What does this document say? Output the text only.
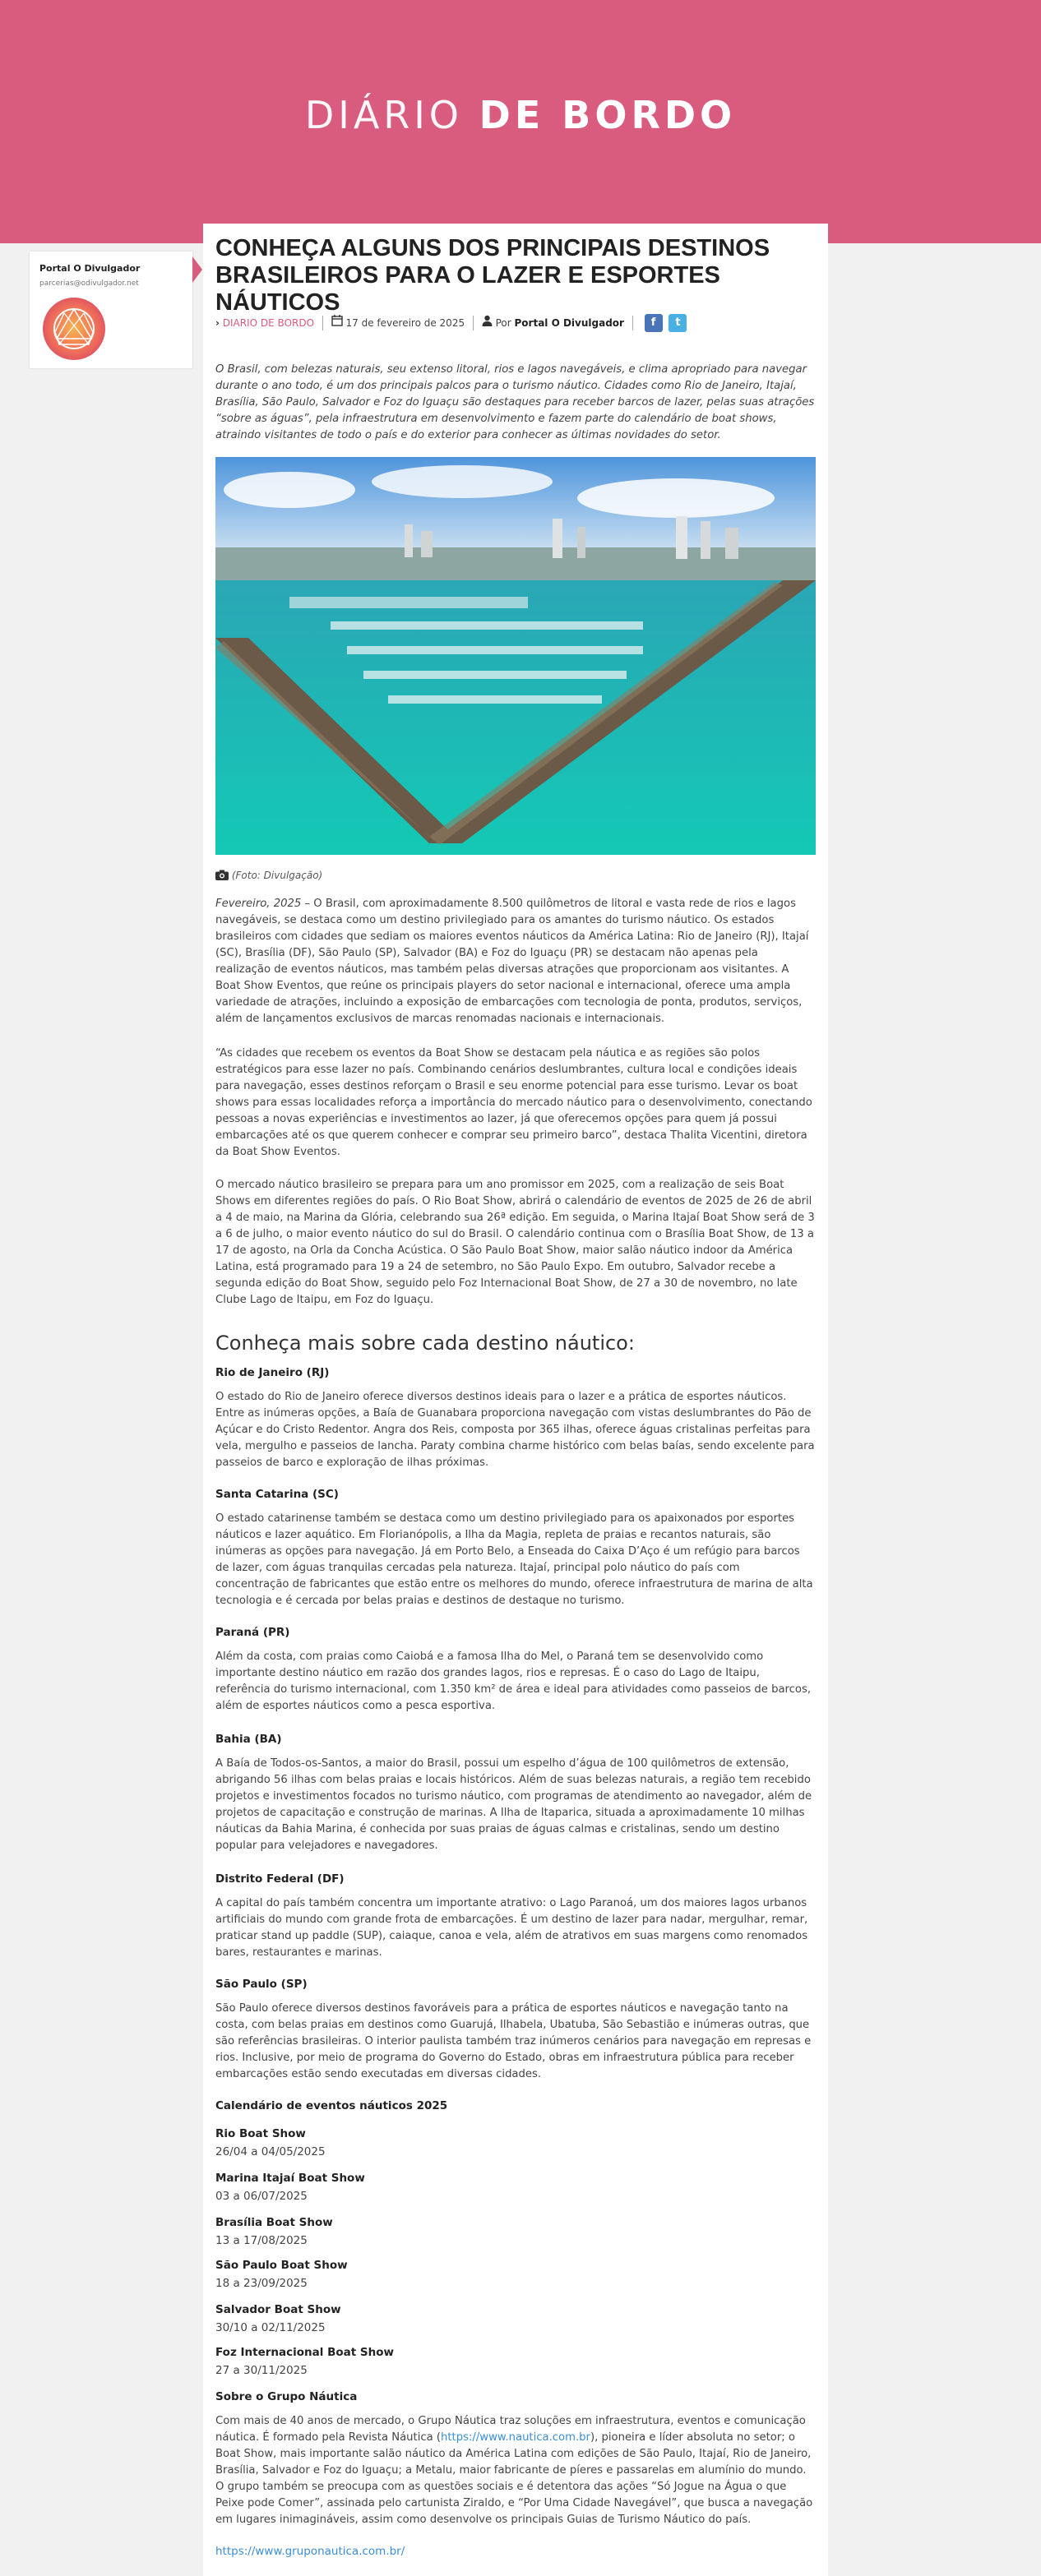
DIÁRIO DE BORDO
Portal O Divulgador
parcerias@odivulgador.net
CONHEÇA ALGUNS DOS PRINCIPAIS DESTINOS BRASILEIROS PARA O LAZER E ESPORTES NÁUTICOS
› DIARIO DE BORDO	17 de fevereiro de 2025	Por Portal O Divulgador	f t

O Brasil, com belezas naturais, seu extenso litoral, rios e lagos navegáveis, e clima apropriado para navegar durante o ano todo, é um dos principais palcos para o turismo náutico. Cidades como Rio de Janeiro, Itajaí, Brasília, São Paulo, Salvador e Foz do Iguaçu são destaques para receber barcos de lazer, pelas suas atrações “sobre as águas”, pela infraestrutura em desenvolvimento e fazem parte do calendário de boat shows, atraindo visitantes de todo o país e do exterior para conhecer as últimas novidades do setor.

(Foto: Divulgação)

Fevereiro, 2025 – O Brasil, com aproximadamente 8.500 quilômetros de litoral e vasta rede de rios e lagos navegáveis, se destaca como um destino privilegiado para os amantes do turismo náutico. Os estados brasileiros com cidades que sediam os maiores eventos náuticos da América Latina: Rio de Janeiro (RJ), Itajaí (SC), Brasília (DF), São Paulo (SP), Salvador (BA) e Foz do Iguaçu (PR) se destacam não apenas pela realização de eventos náuticos, mas também pelas diversas atrações que proporcionam aos visitantes. A Boat Show Eventos, que reúne os principais players do setor nacional e internacional, oferece uma ampla variedade de atrações, incluindo a exposição de embarcações com tecnologia de ponta, produtos, serviços, além de lançamentos exclusivos de marcas renomadas nacionais e internacionais.

“As cidades que recebem os eventos da Boat Show se destacam pela náutica e as regiões são polos estratégicos para esse lazer no país. Combinando cenários deslumbrantes, cultura local e condições ideais para navegação, esses destinos reforçam o Brasil e seu enorme potencial para esse turismo. Levar os boat shows para essas localidades reforça a importância do mercado náutico para o desenvolvimento, conectando pessoas a novas experiências e investimentos ao lazer, já que oferecemos opções para quem já possui embarcações até os que querem conhecer e comprar seu primeiro barco”, destaca Thalita Vicentini, diretora da Boat Show Eventos.

O mercado náutico brasileiro se prepara para um ano promissor em 2025, com a realização de seis Boat Shows em diferentes regiões do país. O Rio Boat Show, abrirá o calendário de eventos de 2025 de 26 de abril a 4 de maio, na Marina da Glória, celebrando sua 26ª edição. Em seguida, o Marina Itajaí Boat Show será de 3 a 6 de julho, o maior evento náutico do sul do Brasil. O calendário continua com o Brasília Boat Show, de 13 a 17 de agosto, na Orla da Concha Acústica. O São Paulo Boat Show, maior salão náutico indoor da América Latina, está programado para 19 a 24 de setembro, no São Paulo Expo. Em outubro, Salvador recebe a segunda edição do Boat Show, seguido pelo Foz Internacional Boat Show, de 27 a 30 de novembro, no late Clube Lago de Itaipu, em Foz do Iguaçu.

Conheça mais sobre cada destino náutico:
Rio de Janeiro (RJ)

O estado do Rio de Janeiro oferece diversos destinos ideais para o lazer e a prática de esportes náuticos. Entre as inúmeras opções, a Baía de Guanabara proporciona navegação com vistas deslumbrantes do Pão de Açúcar e do Cristo Redentor. Angra dos Reis, composta por 365 ilhas, oferece águas cristalinas perfeitas para vela, mergulho e passeios de lancha. Paraty combina charme histórico com belas baías, sendo excelente para passeios de barco e exploração de ilhas próximas.

Santa Catarina (SC)

O estado catarinense também se destaca como um destino privilegiado para os apaixonados por esportes náuticos e lazer aquático. Em Florianópolis, a Ilha da Magia, repleta de praias e recantos naturais, são inúmeras as opções para navegação. Já em Porto Belo, a Enseada do Caixa D’Aço é um refúgio para barcos de lazer, com águas tranquilas cercadas pela natureza. Itajaí, principal polo náutico do país com concentração de fabricantes que estão entre os melhores do mundo, oferece infraestrutura de marina de alta tecnologia e é cercada por belas praias e destinos de destaque no turismo.

Paraná (PR)

Além da costa, com praias como Caiobá e a famosa Ilha do Mel, o Paraná tem se desenvolvido como importante destino náutico em razão dos grandes lagos, rios e represas. É o caso do Lago de Itaipu, referência do turismo internacional, com 1.350 km² de área e ideal para atividades como passeios de barcos, além de esportes náuticos como a pesca esportiva.

Bahia (BA)

A Baía de Todos-os-Santos, a maior do Brasil, possui um espelho d’água de 100 quilômetros de extensão, abrigando 56 ilhas com belas praias e locais históricos. Além de suas belezas naturais, a região tem recebido projetos e investimentos focados no turismo náutico, com programas de atendimento ao navegador, além de projetos de capacitação e construção de marinas. A Ilha de Itaparica, situada a aproximadamente 10 milhas náuticas da Bahia Marina, é conhecida por suas praias de águas calmas e cristalinas, sendo um destino popular para velejadores e navegadores.

Distrito Federal (DF)

A capital do país também concentra um importante atrativo: o Lago Paranoá, um dos maiores lagos urbanos artificiais do mundo com grande frota de embarcações. É um destino de lazer para nadar, mergulhar, remar, praticar stand up paddle (SUP), caiaque, canoa e vela, além de atrativos em suas margens como renomados bares, restaurantes e marinas.

São Paulo (SP)

São Paulo oferece diversos destinos favoráveis para a prática de esportes náuticos e navegação tanto na costa, com belas praias em destinos como Guarujá, Ilhabela, Ubatuba, São Sebastião e inúmeras outras, que são referências brasileiras. O interior paulista também traz inúmeros cenários para navegação em represas e rios. Inclusive, por meio de programa do Governo do Estado, obras em infraestrutura pública para receber embarcações estão sendo executadas em diversas cidades.

Calendário de eventos náuticos 2025
Rio Boat Show
26/04 a 04/05/2025
Marina Itajaí Boat Show
03 a 06/07/2025
Brasília Boat Show
13 a 17/08/2025
São Paulo Boat Show
18 a 23/09/2025
Salvador Boat Show
30/10 a 02/11/2025
Foz Internacional Boat Show
27 a 30/11/2025
Sobre o Grupo Náutica

Com mais de 40 anos de mercado, o Grupo Náutica traz soluções em infraestrutura, eventos e comunicação náutica. É formado pela Revista Náutica (https://www.nautica.com.br), pioneira e líder absoluta no setor; o Boat Show, mais importante salão náutico da América Latina com edições de São Paulo, Itajaí, Rio de Janeiro, Brasília, Salvador e Foz do Iguaçu; a Metalu, maior fabricante de píeres e passarelas em alumínio do mundo. O grupo também se preocupa com as questões sociais e é detentora das ações “Só Jogue na Água o que Peixe pode Comer”, assinada pelo cartunista Ziraldo, e “Por Uma Cidade Navegável”, que busca a navegação em lugares inimagináveis, assim como desenvolve os principais Guias de Turismo Náutico do país.

https://www.gruponautica.com.br/
